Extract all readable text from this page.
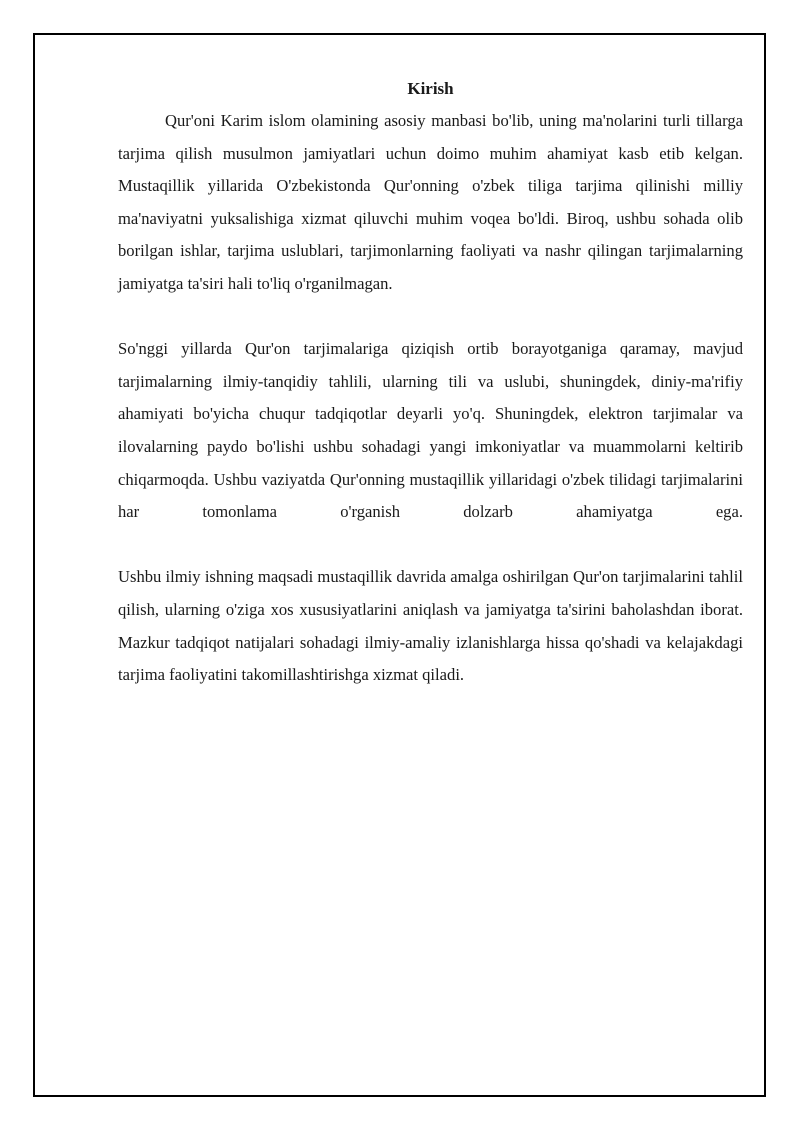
Kirish

Qur'oni Karim islom olamining asosiy manbasi bo'lib, uning ma'nolarini turli tillarga tarjima qilish musulmon jamiyatlari uchun doimo muhim ahamiyat kasb etib kelgan. Mustaqillik yillarida O'zbekistonda Qur'onning o'zbek tiliga tarjima qilinishi milliy ma'naviyatni yuksalishiga xizmat qiluvchi muhim voqea bo'ldi. Biroq, ushbu sohada olib borilgan ishlar, tarjima uslublari, tarjimonlarning faoliyati va nashr qilingan tarjimalarning jamiyatga ta'siri hali to'liq o'rganilmagan.

So'nggi yillarda Qur'on tarjimalariga qiziqish ortib borayotganiga qaramay, mavjud tarjimalarning ilmiy-tanqidiy tahlili, ularning tili va uslubi, shuningdek, diniy-ma'rifiy ahamiyati bo'yicha chuqur tadqiqotlar deyarli yo'q. Shuningdek, elektron tarjimalar va ilovalarning paydo bo'lishi ushbu sohadagi yangi imkoniyatlar va muammolarni keltirib chiqarmoqda. Ushbu vaziyatda Qur'onning mustaqillik yillaridagi o'zbek tilidagi tarjimalarini har tomonlama o'rganish dolzarb ahamiyatga ega.

Ushbu ilmiy ishning maqsadi mustaqillik davrida amalga oshirilgan Qur'on tarjimalarini tahlil qilish, ularning o'ziga xos xususiyatlarini aniqlash va jamiyatga ta'sirini baholashdan iborat. Mazkur tadqiqot natijalari sohadagi ilmiy-amaliy izlanishlarga hissa qo'shadi va kelajakdagi tarjima faoliyatini takomillashtirishga xizmat qiladi.
